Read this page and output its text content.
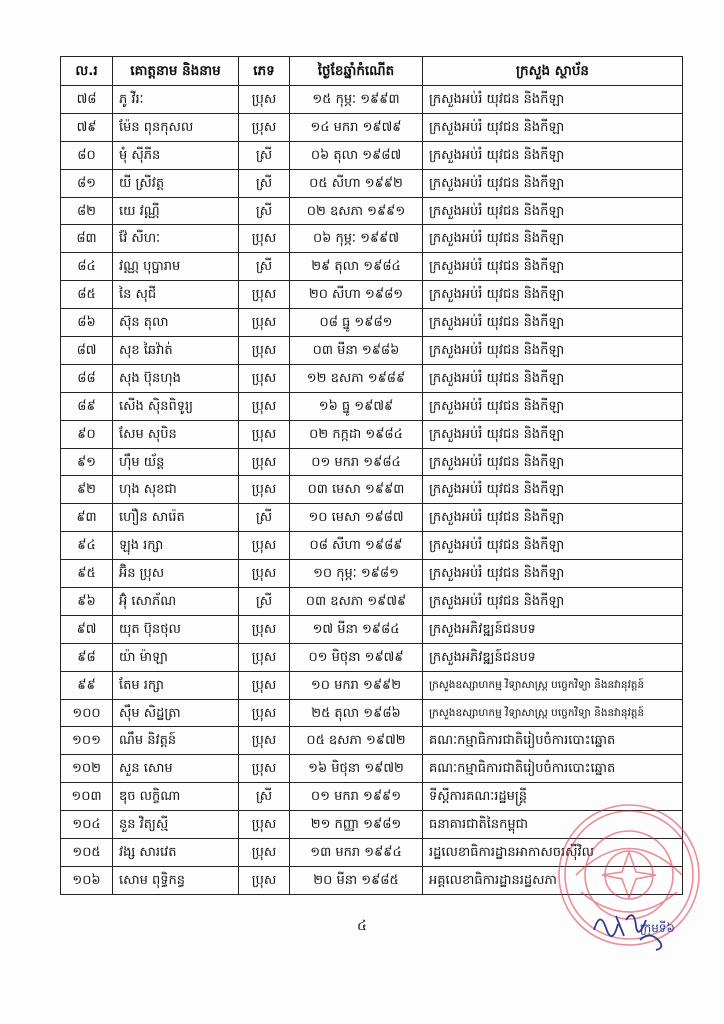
ល.រ	គោត្តនាម និងនាម	ភេទ	ថ្ងៃខែឆ្នាំកំណើត	ក្រសួង ស្ថាប័ន
៧៨	ភូ វីរៈ	ប្រុស	១៥ កុម្ភៈ ១៩៩៣	ក្រសួងអប់រំ យុវជន និងកីឡា
៧៩	ម៉ែន ពុនកុសល	ប្រុស	១៤ មករា ១៩៧៩	ក្រសួងអប់រំ យុវជន និងកីឡា
៨០	មុំ ស៊ីភីន	ស្រី	០៦ តុលា ១៩៨៧	ក្រសួងអប់រំ យុវជន និងកីឡា
៨១	យី ស្រីវត្ត	ស្រី	០៥ សីហា ១៩៩២	ក្រសួងអប់រំ យុវជន និងកីឡា
៨២	យេ វណ្ណី	ស្រី	០២ ឧសភា ១៩៩១	ក្រសួងអប់រំ យុវជន និងកីឡា
៨៣	វ៉ែ សីហៈ	ប្រុស	០៦ កុម្ភៈ ១៩៩៧	ក្រសួងអប់រំ យុវជន និងកីឡា
៨៤	វណ្ណ បុប្ផារាម	ស្រី	២៩ តុលា ១៩៨៤	ក្រសួងអប់រំ យុវជន និងកីឡា
៨៥	នៃ សុជី	ប្រុស	២០ សីហា ១៩៨១	ក្រសួងអប់រំ យុវជន និងកីឡា
៨៦	ស៊ុន តុលា	ប្រុស	០៨ ធ្នូ ១៩៨១	ក្រសួងអប់រំ យុវជន និងកីឡា
៨៧	សុខ ឆៃវ៉ាត់	ប្រុស	០៣ មីនា ១៩៨៦	ក្រសួងអប់រំ យុវជន និងកីឡា
៨៨	សុង ប៊ុនហុង	ប្រុស	១២ ឧសភា ១៩៨៩	ក្រសួងអប់រំ យុវជន និងកីឡា
៨៩	សើង ស៊ិនពិទូរ្យ	ប្រុស	១៦ ធ្នូ ១៩៧៩	ក្រសួងអប់រំ យុវជន និងកីឡា
៩០	សែម សុបិន	ប្រុស	០២ កក្កដា ១៩៨៤	ក្រសួងអប់រំ យុវជន និងកីឡា
៩១	ហ៊ឹម យ័ន្ត	ប្រុស	០១ មករា ១៩៨៤	ក្រសួងអប់រំ យុវជន និងកីឡា
៩២	ហុង សុខជា	ប្រុស	០៣ មេសា ១៩៩៣	ក្រសួងអប់រំ យុវជន និងកីឡា
៩៣	ហឿន សារ៉េត	ស្រី	១០ មេសា ១៩៨៧	ក្រសួងអប់រំ យុវជន និងកីឡា
៩៤	ឡុង រក្សា	ប្រុស	០៨ សីហា ១៩៨៩	ក្រសួងអប់រំ យុវជន និងកីឡា
៩៥	អ៊ិន ប្រុស	ប្រុស	១០ កុម្ភៈ ១៩៨១	ក្រសួងអប់រំ យុវជន និងកីឡា
៩៦	អ៊ុំ សោភ័ណ	ស្រី	០៣ ឧសភា ១៩៧៩	ក្រសួងអប់រំ យុវជន និងកីឡា
៩៧	យុត ប៊ុនថុល	ប្រុស	១៧ មីនា ១៩៨៤	ក្រសួងអភិវឌ្ឍន៍ជនបទ
៩៨	យ៉ា ម៉ាឡា	ប្រុស	០១ មិថុនា ១៩៧៩	ក្រសួងអភិវឌ្ឍន៍ជនបទ
៩៩	តែម រក្សា	ប្រុស	១០ មករា ១៩៩២	ក្រសួងឧស្សាហកម្ម វិទ្យាសាស្ត្រ បច្ចេកវិទ្យា និងនវានុវត្តន៍
១០០	ស៊ឹម សិដ្ឋត្រា	ប្រុស	២៥ តុលា ១៩៨៦	ក្រសួងឧស្សាហកម្ម វិទ្យាសាស្ត្រ បច្ចេកវិទ្យា និងនវានុវត្តន៍
១០១	ណឹម និវត្តន៍	ប្រុស	០៥ ឧសភា ១៩៧២	គណៈកម្មាធិការជាតិរៀបចំការបោះឆ្នោត
១០២	សួន សោម	ប្រុស	១៦ មិថុនា ១៩៧២	គណៈកម្មាធិការជាតិរៀបចំការបោះឆ្នោត
១០៣	ឌុច លក្ខិណា	ស្រី	០១ មករា ១៩៩១	ទីស្តីការគណៈរដ្ឋមន្ត្រី
១០៤	នួន វិត្យស្មី	ប្រុស	២១ កញ្ញា ១៩៨១	ធនាគារជាតិនៃកម្ពុជា
១០៥	វង្ស សារវេត	ប្រុស	១៣ មករា ១៩៩៤	រដ្ឋលេខាធិការដ្ឋានអាកាសចរស៊ីវិល
១០៦	សោម ពុទ្ធិកន្ធ	ប្រុស	២០ មីនា ១៩៨៥	អគ្គលេខាធិការដ្ឋានរដ្ឋសភា
ក្រុមទី៦
៤
